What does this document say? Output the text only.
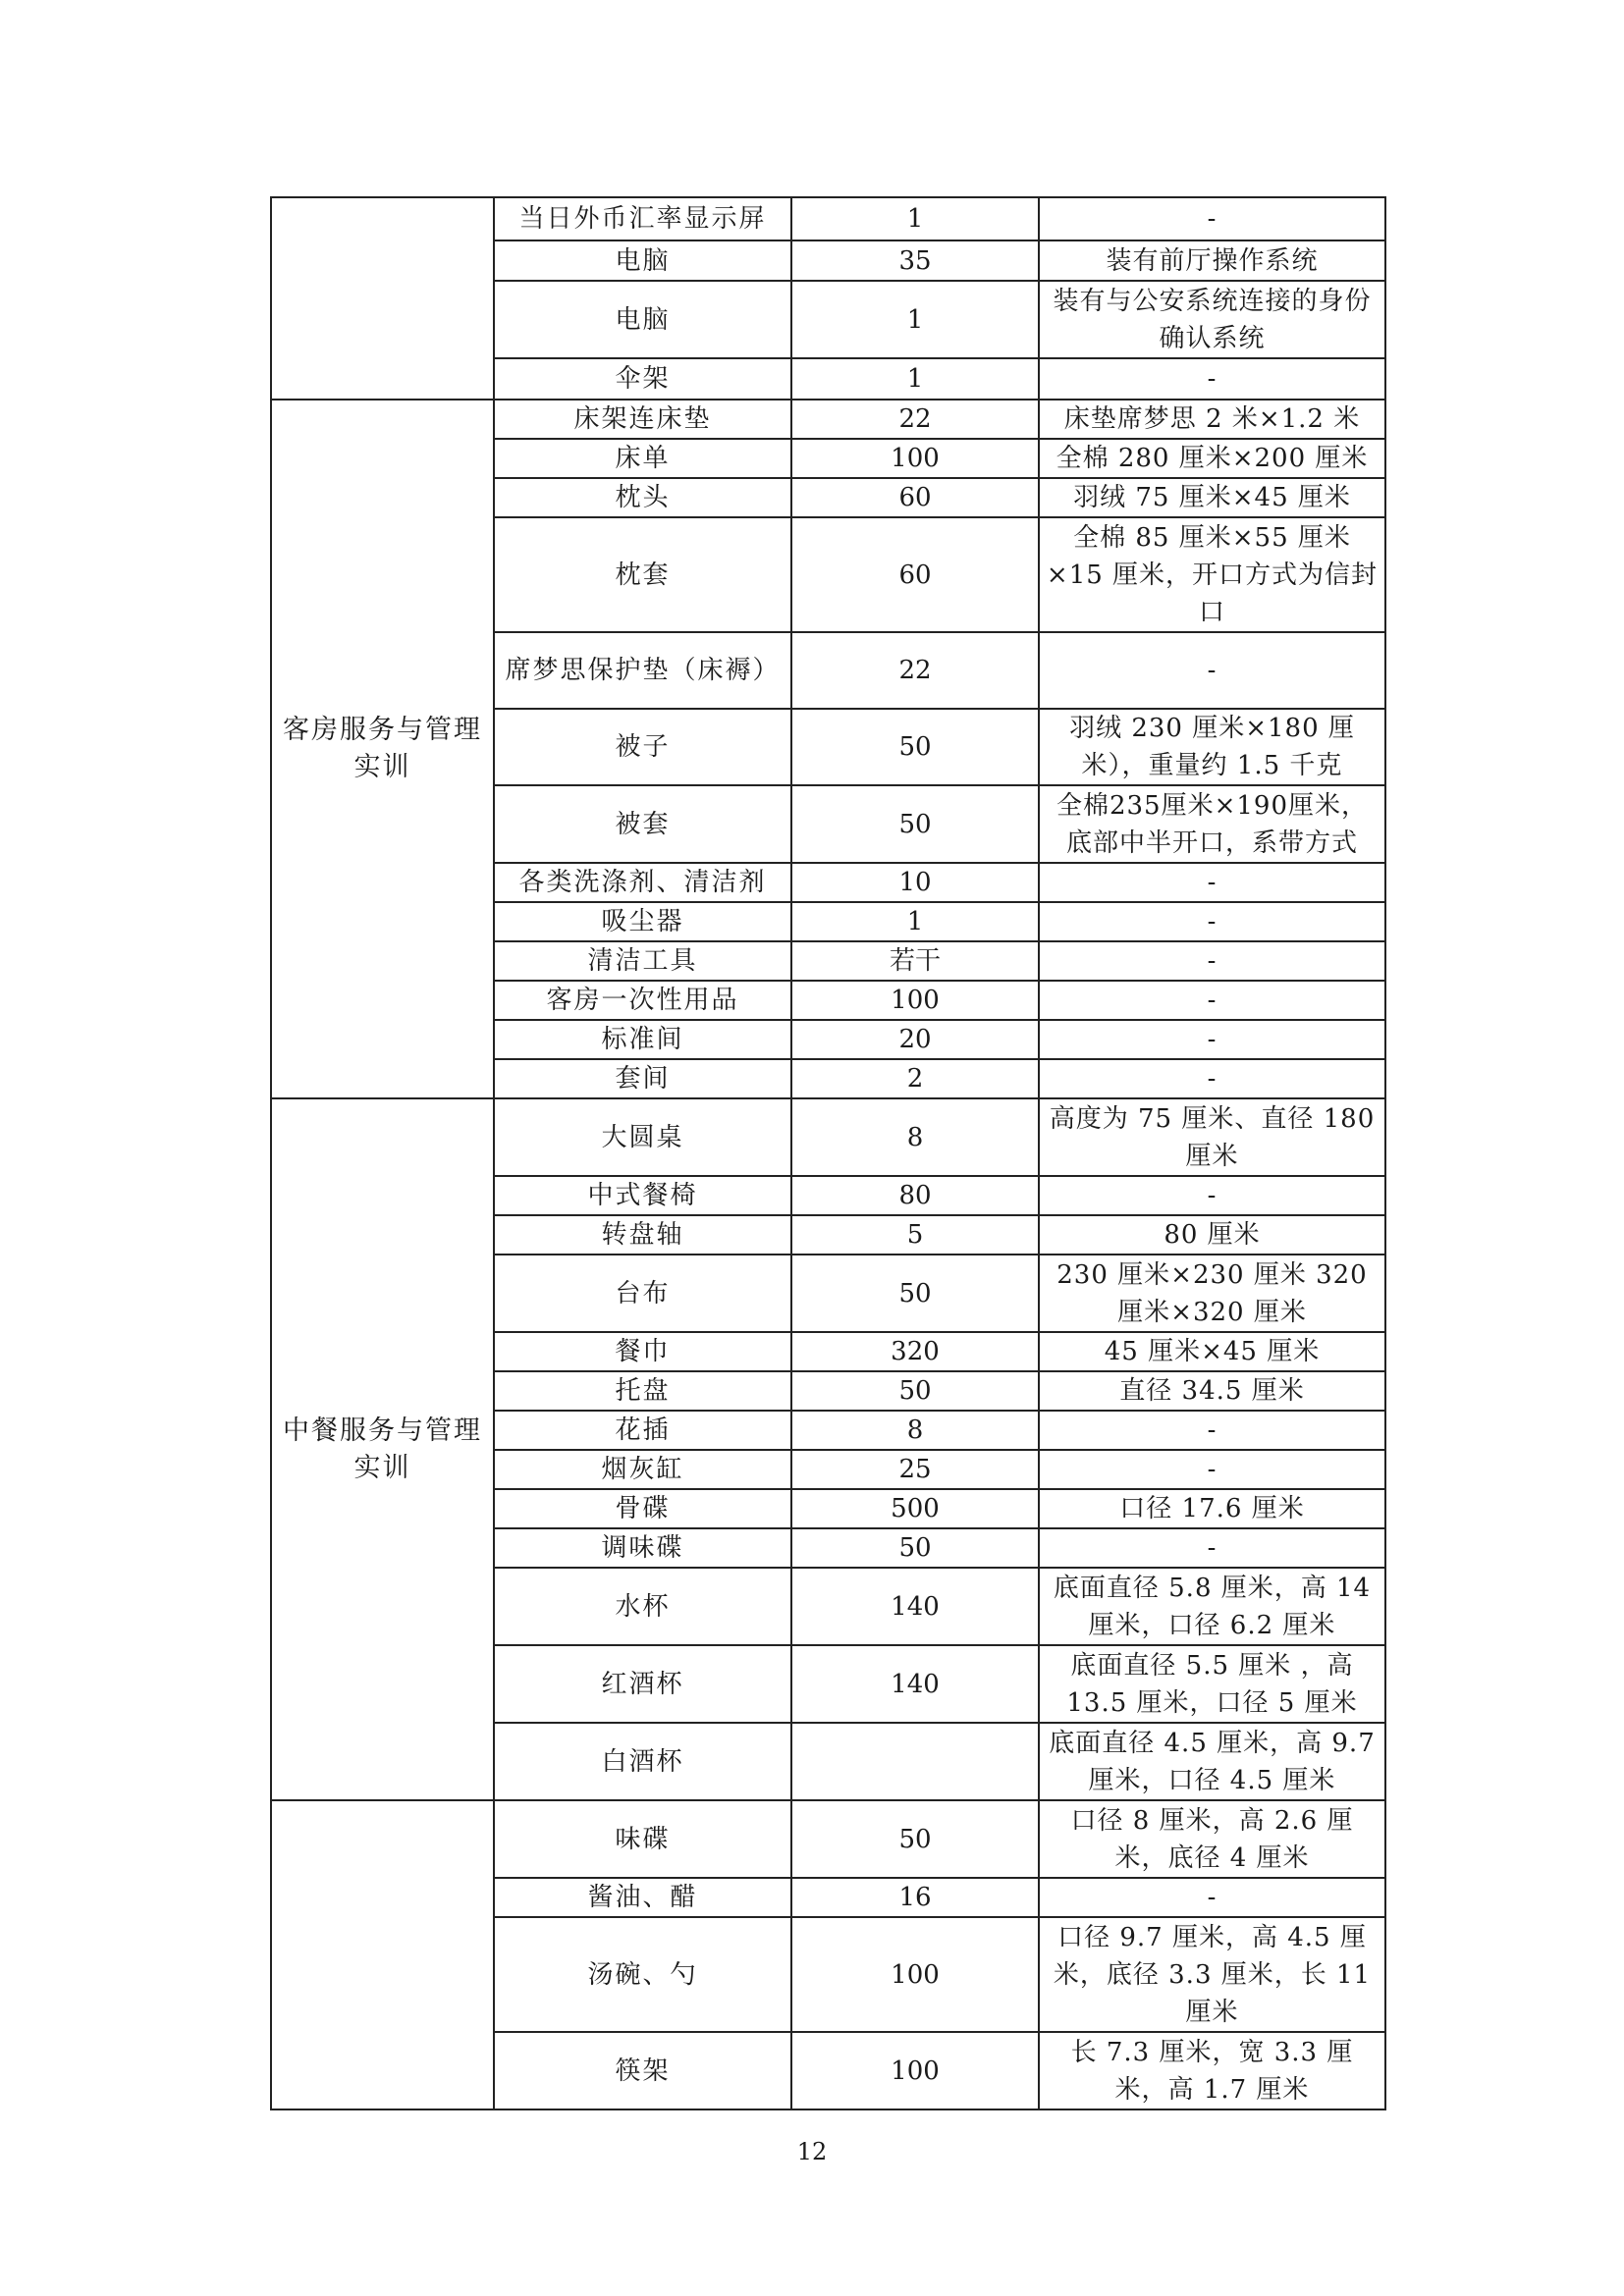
	当日外币汇率显示屏	1	-
	电脑	35	装有前厅操作系统
	电脑	1	装有与公安系统连接的身份确认系统
	伞架	1	-
客房服务与管理实训	床架连床垫	22	床垫席梦思 2 米×1.2 米
	床单	100	全棉 280 厘米×200 厘米
	枕头	60	羽绒 75 厘米×45 厘米
	枕套	60	全棉 85 厘米×55 厘米×15 厘米，开口方式为信封口
	席梦思保护垫（床褥）	22	-
	被子	50	羽绒 230 厘米×180 厘米），重量约 1.5 千克
	被套	50	全棉235厘米×190厘米，底部中半开口，系带方式
	各类洗涤剂、清洁剂	10	-
	吸尘器	1	-
	清洁工具	若干	-
	客房一次性用品	100	-
	标准间	20	-
	套间	2	-
中餐服务与管理实训	大圆桌	8	高度为 75 厘米、直径 180 厘米
	中式餐椅	80	-
	转盘轴	5	80 厘米
	台布	50	230 厘米×230 厘米 320 厘米×320 厘米
	餐巾	320	45 厘米×45 厘米
	托盘	50	直径 34.5 厘米
	花插	8	-
	烟灰缸	25	-
	骨碟	500	口径 17.6 厘米
	调味碟	50	-
	水杯	140	底面直径 5.8 厘米，高 14 厘米，口径 6.2 厘米
	红酒杯	140	底面直径 5.5 厘米 ，高 13.5 厘米，口径 5 厘米
	白酒杯		底面直径 4.5 厘米，高 9.7 厘米，口径 4.5 厘米
	味碟	50	口径 8 厘米，高 2.6 厘米，底径 4 厘米
	酱油、醋	16	-
	汤碗、勺	100	口径 9.7 厘米，高 4.5 厘米，底径 3.3 厘米，长 11 厘米
	筷架	100	长 7.3 厘米，宽 3.3 厘米，高 1.7 厘米
12
